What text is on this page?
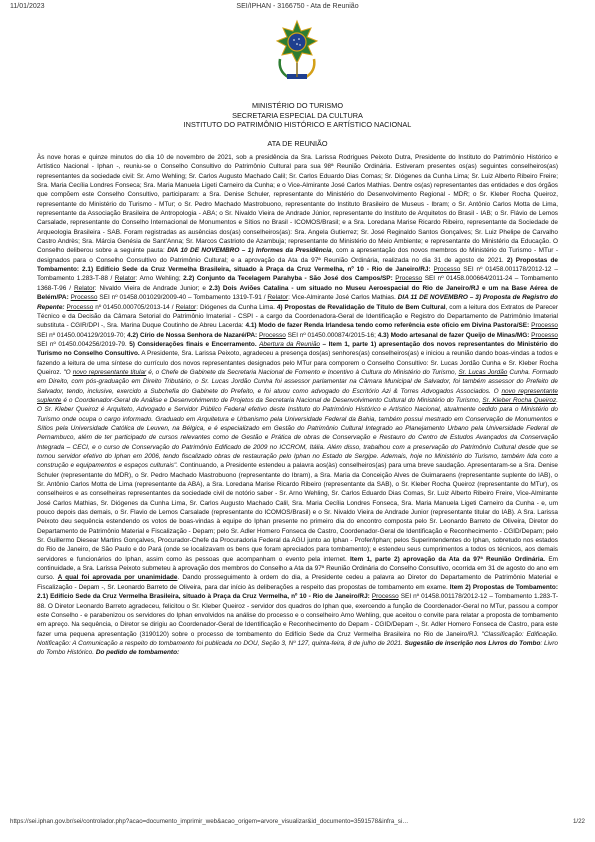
11/01/2023	SEI/IPHAN - 3166750 - Ata de Reunião
MINISTÉRIO DO TURISMO
SECRETARIA ESPECIAL DA CULTURA
INSTITUTO DO PATRIMÔNIO HISTÓRICO E ARTÍSTICO NACIONAL
ATA DE REUNIÃO

Às nove horas e quinze minutos do dia 10 de novembro de 2021, sob a presidência da Sra. Larissa Rodrigues Peixoto Dutra, Presidente do Instituto do Patrimônio Histórico e Artístico Nacional - Iphan -, reuniu-se o Conselho Consultivo do Patrimônio Cultural para sua 98ª Reunião Ordinária. Estiveram presentes os(as) seguintes conselheiros(as) representantes da sociedade civil: Sr. Arno Wehling; Sr. Carlos Augusto Machado Calil; Sr. Carlos Eduardo Dias Comas; Sr. Diógenes da Cunha Lima; Sr. Luiz Alberto Ribeiro Freire; Sra. Maria Cecília Londres Fonseca; Sra. Maria Manuela Ligeti Carneiro da Cunha; e o Vice-Almirante José Carlos Mathias. Dentre os(as) representantes das entidades e dos órgãos que compõem este Conselho Consultivo, participaram: a Sra. Denise Schuler, representante do Ministério do Desenvolvimento Regional - MDR; o Sr. Kleber Rocha Queiroz, representante do Ministério do Turismo - MTur; o Sr. Pedro Machado Mastrobuono, representante do Instituto Brasileiro de Museus - Ibram; o Sr. Antônio Carlos Motta de Lima, representante da Associação Brasileira de Antropologia - ABA; o Sr. Nivaldo Vieira de Andrade Júnior, representante do Instituto de Arquitetos do Brasil - IAB; o Sr. Flávio de Lemos Carsalade, representante do Conselho Internacional de Monumentos e Sítios no Brasil - ICOMOS/Brasil; e a Sra. Loredana Marise Ricardo Ribeiro, representante da Sociedade de Arqueologia Brasileira - SAB. Foram registradas as ausências dos(as) conselheiros(as): Sra. Angela Gutierrez; Sr. José Reginaldo Santos Gonçalves; Sr. Luiz Phelipe de Carvalho Castro Andrès; Sra. Márcia Genésia de Sant'Anna; Sr. Marcos Castrioto de Azambuja; representante do Ministério do Meio Ambiente; e representante do Ministério da Educação. O Conselho deliberou sobre a seguinte pauta: DIA 10 DE NOVEMBRO – 1) Informes da Presidência, com a apresentação dos novos membros do Ministério do Turismo - MTur - designados para o Conselho Consultivo do Patrimônio Cultural; e a aprovação da Ata da 97ª Reunião Ordinária, realizada no dia 31 de agosto de 2021. 2) Propostas de Tombamento: 2.1) Edifício Sede da Cruz Vermelha Brasileira, situado à Praça da Cruz Vermelha, nº 10 - Rio de Janeiro/RJ: Processo SEI nº 01458.001178/2012-12 – Tombamento 1.283-T-88 / Relator: Arno Wehling; 2.2) Conjunto da Tecelagem Parahyba - São José dos Campos/SP: Processo SEI nº 01458.000664/2011-24 – Tombamento 1368-T-96 / Relator: Nivaldo Vieira de Andrade Junior; e 2.3) Dois Aviões Catalina - um situado no Museu Aeroespacial do Rio de Janeiro/RJ e um na Base Aérea de Belém/PA: Processo SEI nº 01458.001029/2009-40 – Tombamento 1319-T-91 / Relator: Vice-Almirante José Carlos Mathias. DIA 11 DE NOVEMBRO – 3) Proposta de Registro do Repente: Processo nº 01450.000705/2013-14 / Relator: Diógenes da Cunha Lima. 4) Propostas de Revalidação de Título de Bem Cultural, com a leitura dos Extratos de Parecer Técnico e da Decisão da Câmara Setorial do Patrimônio Imaterial - CSPI - a cargo da Coordenadora-Geral de Identificação e Registro do Departamento de Patrimônio Imaterial substituta - CGIR/DPI -, Sra. Marina Duque Coutinho de Abreu Lacerda: 4.1) Modo de fazer Renda Irlandesa tendo como referência este ofício em Divina Pastora/SE: Processo SEI nº 01450.004129/2019-70; 4.2) Círio de Nossa Senhora de Nazaré/PA: Processo SEI nº 01450.000874/2015-16; 4.3) Modo artesanal de fazer Queijo de Minas/MG: Processo SEI nº 01450.004256/2019-79. 5) Considerações finais e Encerramento. Abertura da Reunião – Item 1, parte 1) apresentação dos novos representantes do Ministério do Turismo no Conselho Consultivo. A Presidente, Sra. Larissa Peixoto, agradeceu a presença dos(as) senhores(as) conselheiros(as) e iniciou a reunião dando boas-vindas a todos e fazendo a leitura de uma síntese do currículo dos novos representantes designados pelo MTur para comporem o Conselho Consultivo: Sr. Lucas Jordão Cunha e Sr. Kleber Rocha Queiroz. "O novo representante titular é, o Chefe de Gabinete da Secretaria Nacional de Fomento e Incentivo à Cultura do Ministério do Turismo, Sr. Lucas Jordão Cunha. Formado em Direito, com pós-graduação em Direito Tributário, o Sr. Lucas Jordão Cunha foi assessor parlamentar na Câmara Municipal de Salvador, foi também assessor do Prefeito de Salvador, tendo, inclusive, exercido a Subchefia do Gabinete do Prefeito, e foi atuou como advogado do Escritório Azi & Torres Advogados Associados. O novo representante suplente é o Coordenador-Geral de Análise e Desenvolvimento de Projetos da Secretaria Nacional de Desenvolvimento Cultural do Ministério do Turismo, Sr. Kleber Rocha Queiroz. O Sr. Kleber Queiroz é Arquiteto, Advogado e Servidor Público Federal efetivo deste Instituto do Patrimônio Histórico e Artístico Nacional, atualmente cedido para o Ministério do Turismo onde ocupa o cargo informado. Graduado em Arquitetura e Urbanismo pela Universidade Federal da Bahia, também possui mestrado em Conservação de Monumentos e Sítios pela Universidade Católica de Leuven, na Bélgica, e é especializado em Gestão do Patrimônio Cultural Integrado ao Planejamento Urbano pela Universidade Federal de Pernambuco, além de ter participado de cursos relevantes como de Gestão e Prática de obras de Conservação e Restauro do Centro de Estudos Avançados da Conservação Integrada – CECI, e o curso de Conservação do Patrimônio Edificado de 2009 no ICCROM, Itália. Além disso, trabalhou com a preservação do Patrimônio Cultural desde que se tornou servidor efetivo do Iphan em 2006, tendo fiscalizado obras de restauração pelo Iphan no Estado de Sergipe. Ademais, hoje no Ministério do Turismo, também lida com a construção e equipamentos e espaços culturais". Continuando, a Presidente estendeu a palavra aos(às) conselheiros(as) para uma breve saudação. Apresentaram-se a Sra. Denise Schuler (representante do MDR), o Sr. Pedro Machado Mastrobuono (representante do Ibram), a Sra. Maria da Conceição Alves de Guimaraens (representante suplente do IAB), o Sr. Antônio Carlos Motta de Lima (representante da ABA), a Sra. Loredana Marise Ricardo Ribeiro (representante da SAB), o Sr. Kleber Rocha Queiroz (representante do MTur), os conselheiros e as conselheiras representantes da sociedade civil de notório saber - Sr. Arno Wehling, Sr. Carlos Eduardo Dias Comas, Sr. Luiz Alberto Ribeiro Freire, Vice-Almirante José Carlos Mathias, Sr. Diógenes da Cunha Lima, Sr. Carlos Augusto Machado Calil, Sra. Maria Cecília Londres Fonseca, Sra. Maria Manuela Ligeti Carneiro da Cunha - e, um pouco depois das demais, o Sr. Flavio de Lemos Carsalade (representante do ICOMOS/Brasil) e o Sr. Nivaldo Vieira de Andrade Junior (representante titular do IAB). A Sra. Larissa Peixoto deu sequência estendendo os votos de boas-vindas à equipe do Iphan presente no primeiro dia do encontro composta pelo Sr. Leonardo Barreto de Oliveira, Diretor do Departamento de Patrimônio Material e Fiscalização - Depam; pelo Sr. Adler Homero Fonseca de Castro, Coordenador-Geral de Identificação e Reconhecimento - CGID/Depam; pelo Sr. Guillermo Diesear Martins Gonçalves, Procurador-Chefe da Procuradoria Federal da AGU junto ao Iphan - Profer/Iphan; pelos Superintendentes do Iphan, sobretudo nos estados do Rio de Janeiro, de São Paulo e do Pará (onde se localizavam os bens que foram apreciados para tombamento); e estendeu seus cumprimentos a todos os técnicos, aos demais servidores e funcionários do Iphan, assim como às pessoas que acompanham o evento pela internet. Item 1, parte 2) aprovação da Ata da 97ª Reunião Ordinária. Em continuidade, a Sra. Larissa Peixoto submeteu à aprovação dos membros do Conselho a Ata da 97ª Reunião Ordinária do Conselho Consultivo, ocorrida em 31 de agosto do ano em curso. A qual foi aprovada por unanimidade. Dando prosseguimento à ordem do dia, a Presidente cedeu a palavra ao Diretor do Departamento de Patrimônio Material e Fiscalização - Depam -, Sr. Leonardo Barreto de Oliveira, para dar início às deliberações a respeito das propostas de tombamento em exame. Item 2) Propostas de Tombamento: 2.1) Edifício Sede da Cruz Vermelha Brasileira, situado à Praça da Cruz Vermelha, nº 10 - Rio de Janeiro/RJ: Processo SEI nº 01458.001178/2012-12 – Tombamento 1.283-T-88. O Diretor Leonardo Barreto agradeceu, felicitou o Sr. Kleber Queiroz - servidor dos quadros do Iphan que, exercendo a função de Coordenador-Geral no MTur, passou a compor este Conselho - e parabenizou os servidores do Iphan envolvidos na análise do processo e o conselheiro Arno Wehling, que aceitou o convite para relatar a proposta de tombamento em apreço. Na sequência, o Diretor se dirigiu ao Coordenador-Geral de Identificação e Reconhecimento do Depam - CGID/Depam -, Sr. Adler Homero Fonseca de Castro, para este fazer uma pequena apresentação (3190120) sobre o processo de tombamento do Edifício Sede da Cruz Vermelha Brasileira no Rio de Janeiro/RJ. "Classificação: Edificação. Notificação: A Comunicação a respeito do tombamento foi publicada no DOU, Seção 3, Nº 127, quinta-feira, 8 de julho de 2021. Sugestão de inscrição nos Livros do Tombo: Livro do Tombo Histórico. Do pedido de tombamento:

https://sei.iphan.gov.br/sei/controlador.php?acao=documento_imprimir_web&acao_origem=arvore_visualizar&id_documento=3591578&infra_si…	1/22
